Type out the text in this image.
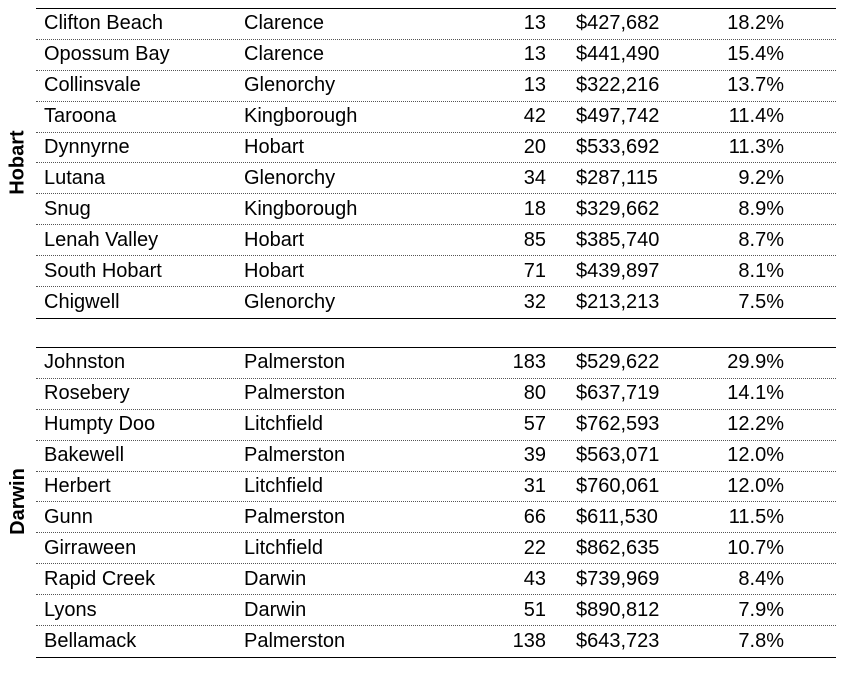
Hobart
Clifton Beach	Clarence	13	$427,682	18.2%
Opossum Bay	Clarence	13	$441,490	15.4%
Collinsvale	Glenorchy	13	$322,216	13.7%
Taroona	Kingborough	42	$497,742	11.4%
Dynnyrne	Hobart	20	$533,692	11.3%
Lutana	Glenorchy	34	$287,115	9.2%
Snug	Kingborough	18	$329,662	8.9%
Lenah Valley	Hobart	85	$385,740	8.7%
South Hobart	Hobart	71	$439,897	8.1%
Chigwell	Glenorchy	32	$213,213	7.5%
Darwin
Johnston	Palmerston	183	$529,622	29.9%
Rosebery	Palmerston	80	$637,719	14.1%
Humpty Doo	Litchfield	57	$762,593	12.2%
Bakewell	Palmerston	39	$563,071	12.0%
Herbert	Litchfield	31	$760,061	12.0%
Gunn	Palmerston	66	$611,530	11.5%
Girraween	Litchfield	22	$862,635	10.7%
Rapid Creek	Darwin	43	$739,969	8.4%
Lyons	Darwin	51	$890,812	7.9%
Bellamack	Palmerston	138	$643,723	7.8%
